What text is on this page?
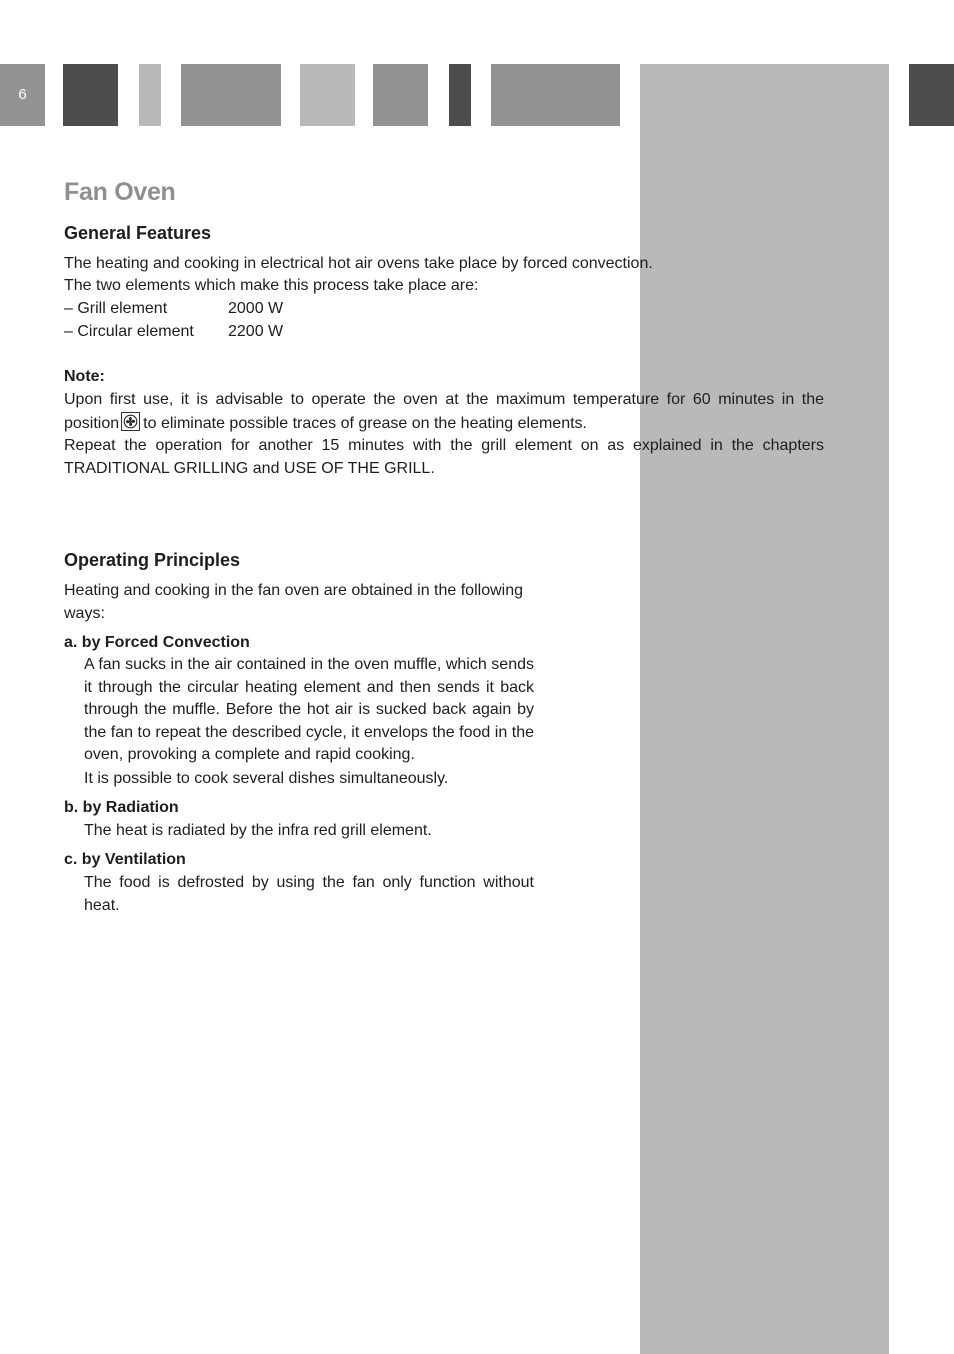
6
Fan Oven
General Features

The heating and cooking in electrical hot air ovens take place by forced convection.

The two elements which make this process take place are:

– Grill element	2000 W
– Circular element 2200 W
Note:

Upon first use, it is advisable to operate the oven at the maximum temperature for 60 minutes in the position to eliminate possible traces of grease on the heating elements.

Repeat the operation for another 15 minutes with the grill element on as explained in the chapters TRADITIONAL GRILLING and USE OF THE GRILL.

Operating Principles

Heating and cooking in the fan oven are obtained in the following ways:

a. by Forced Convection

A fan sucks in the air contained in the oven muffle, which sends it through the circular heating element and then sends it back through the muffle. Before the hot air is sucked back again by the fan to repeat the described cycle, it envelops the food in the oven, provoking a complete and rapid cooking.

It is possible to cook several dishes simultaneously.

b. by Radiation

The heat is radiated by the infra red grill element.

c. by Ventilation

The food is defrosted by using the fan only function without heat.
